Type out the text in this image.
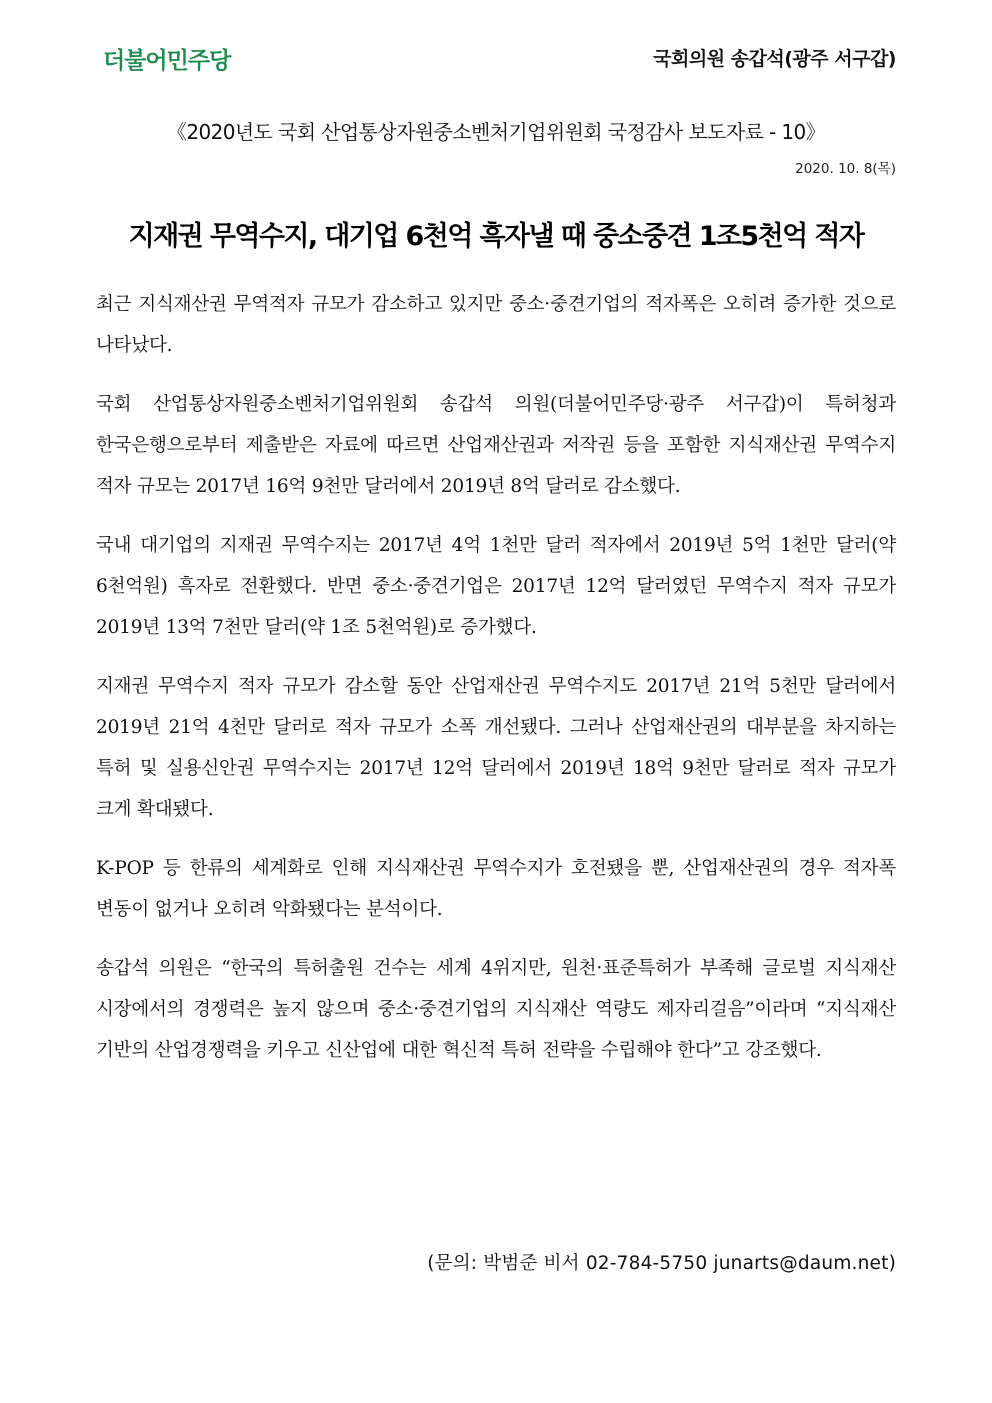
더불어민주당	국회의원 송갑석(광주 서구갑)
《2020년도 국회 산업통상자원중소벤처기업위원회 국정감사 보도자료 - 10》
2020. 10. 8(목)
지재권 무역수지, 대기업 6천억 흑자낼 때 중소중견 1조5천억 적자

최근 지식재산권 무역적자 규모가 감소하고 있지만 중소·중견기업의 적자폭은 오히려 증가한 것으로 나타났다.

국회 산업통상자원중소벤처기업위원회 송갑석 의원(더불어민주당·광주 서구갑)이 특허청과 한국은행으로부터 제출받은 자료에 따르면 산업재산권과 저작권 등을 포함한 지식재산권 무역수지 적자 규모는 2017년 16억 9천만 달러에서 2019년 8억 달러로 감소했다.

국내 대기업의 지재권 무역수지는 2017년 4억 1천만 달러 적자에서 2019년 5억 1천만 달러(약 6천억원) 흑자로 전환했다. 반면 중소·중견기업은 2017년 12억 달러였던 무역수지 적자 규모가 2019년 13억 7천만 달러(약 1조 5천억원)로 증가했다.

지재권 무역수지 적자 규모가 감소할 동안 산업재산권 무역수지도 2017년 21억 5천만 달러에서 2019년 21억 4천만 달러로 적자 규모가 소폭 개선됐다. 그러나 산업재산권의 대부분을 차지하는 특허 및 실용신안권 무역수지는 2017년 12억 달러에서 2019년 18억 9천만 달러로 적자 규모가 크게 확대됐다.

K-POP 등 한류의 세계화로 인해 지식재산권 무역수지가 호전됐을 뿐, 산업재산권의 경우 적자폭 변동이 없거나 오히려 악화됐다는 분석이다.

송갑석 의원은 “한국의 특허출원 건수는 세계 4위지만, 원천·표준특허가 부족해 글로벌 지식재산 시장에서의 경쟁력은 높지 않으며 중소·중견기업의 지식재산 역량도 제자리걸음”이라며 “지식재산 기반의 산업경쟁력을 키우고 신산업에 대한 혁신적 특허 전략을 수립해야 한다”고 강조했다.

(문의: 박범준 비서 02-784-5750 junarts@daum.net)
